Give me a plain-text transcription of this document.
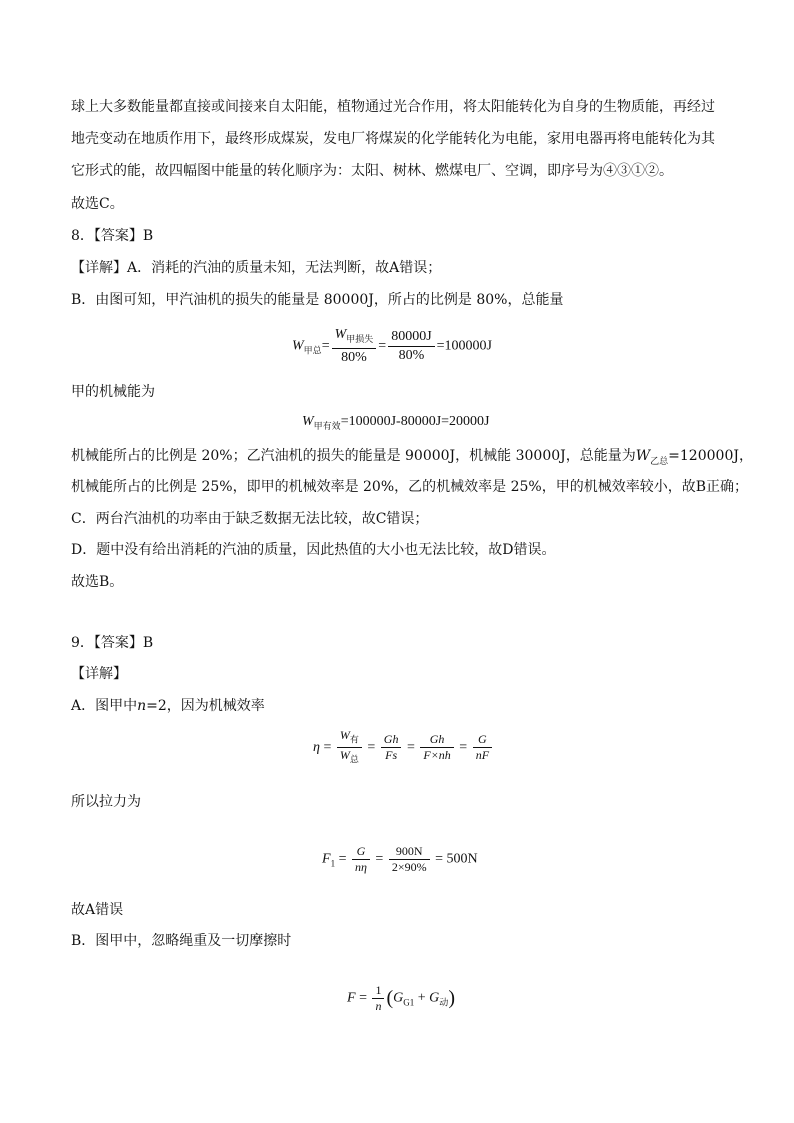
球上大多数能量都直接或间接来自太阳能，植物通过光合作用，将太阳能转化为自身的生物质能，再经过
地壳变动在地质作用下，最终形成煤炭，发电厂将煤炭的化学能转化为电能，家用电器再将电能转化为其
它形式的能，故四幅图中能量的转化顺序为：太阳、树林、燃煤电厂、空调，即序号为④③①②。
故选C。
8．【答案】B
【详解】A．消耗的汽油的质量未知，无法判断，故A错误；
B．由图可知，甲汽油机的损失的能量是 80000J，所占的比例是 80%，总能量
$W_{甲总}= \frac{W_{甲损失}}{80\%} = \frac{80000J}{80\%} =100000J$
甲的机械能为
$W_{甲有效}=100000J-80000J=20000J$
机械能所占的比例是 20%；乙汽油机的损失的能量是 90000J，机械能 30000J，总能量为$W_{乙总}=120000J$，
机械能所占的比例是 25%，即甲的机械效率是 20%，乙的机械效率是 25%，甲的机械效率较小，故B正确；
C．两台汽油机的功率由于缺乏数据无法比较，故C错误；
D．题中没有给出消耗的汽油的质量，因此热值的大小也无法比较，故D错误。
故选B。
9．【答案】B
【详解】
A．图甲中n=2，因为机械效率
$\eta = \frac{W_有}{W_总} = \frac{Gh}{Fs} = \frac{Gh}{F\times nh} = \frac{G}{nF}$
所以拉力为
$F_1 = \frac{G}{n\eta} = \frac{900N}{2\times 90\%} = 500N$
故A错误
B．图甲中，忽略绳重及一切摩擦时
$F = \frac{1}{n} (G_{G1} + G_动)$
